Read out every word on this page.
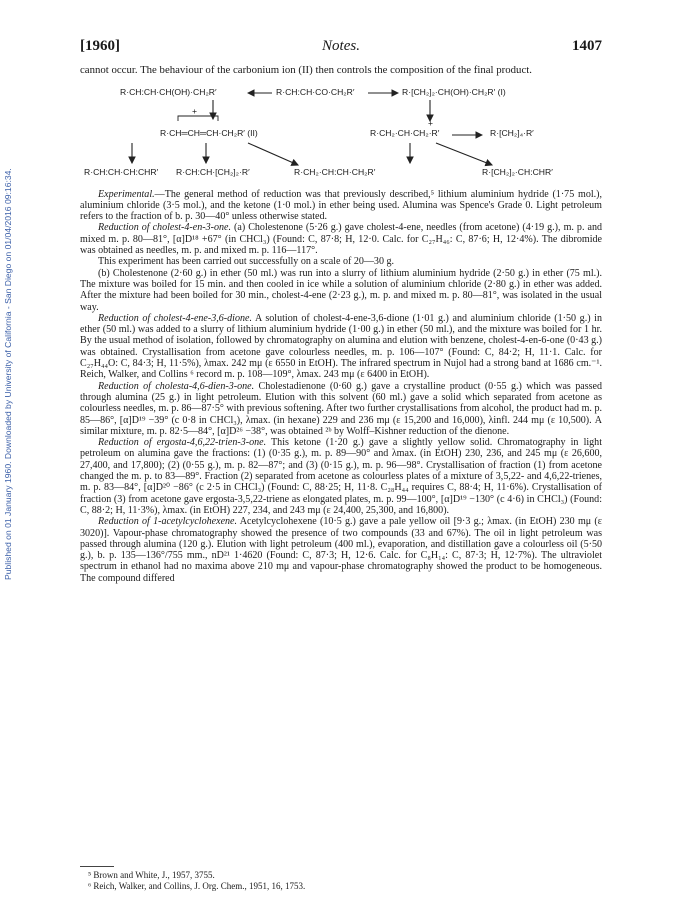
Published on 01 January 1960. Downloaded by University of California - San Diego on 01/04/2016 09:16:34.
[1960]	Notes.	1407

cannot occur. The behaviour of the carbonium ion (II) then controls the composition of the final product.

R·CH:CH·CH(OH)·CH₂R′	R·CH:CH·CO·CH₂R′	R·[CH₂]₂·CH(OH)·CH₂R′ (I)
+
R·CH═CH═CH·CH₂R′ (II)
+
R·CH₂·CH·CH₂·R′	R·[CH₂]₄·R′
R·CH:CH·CH:CHR′ R·CH:CH·[CH₂]₂·R′	R·CH₂·CH:CH·CH₂R′	R·[CH₂]₂·CH:CHR′

Experimental.—The general method of reduction was that previously described,⁵ lithium aluminium hydride (1·75 mol.), aluminium chloride (3·5 mol.), and the ketone (1·0 mol.) in ether being used. Alumina was Spence's Grade 0. Light petroleum refers to the fraction of b. p. 30—40° unless otherwise stated.

Reduction of cholest-4-en-3-one. (a) Cholestenone (5·26 g.) gave cholest-4-ene, needles (from acetone) (4·19 g.), m. p. and mixed m. p. 80—81°, [α]D¹⁸ +67° (in CHCl₃) (Found: C, 87·8; H, 12·0. Calc. for C₂₇H₄₆: C, 87·6; H, 12·4%). The dibromide was obtained as needles, m. p. and mixed m. p. 116—117°.

This experiment has been carried out successfully on a scale of 20—30 g.

(b) Cholestenone (2·60 g.) in ether (50 ml.) was run into a slurry of lithium aluminium hydride (2·50 g.) in ether (75 ml.). The mixture was boiled for 15 min. and then cooled in ice while a solution of aluminium chloride (2·80 g.) in ether was added. After the mixture had been boiled for 30 min., cholest-4-ene (2·23 g.), m. p. and mixed m. p. 80—81°, was isolated in the usual way.

Reduction of cholest-4-ene-3,6-dione. A solution of cholest-4-ene-3,6-dione (1·01 g.) and aluminium chloride (1·50 g.) in ether (50 ml.) was added to a slurry of lithium aluminium hydride (1·00 g.) in ether (50 ml.), and the mixture was boiled for 1 hr. By the usual method of isolation, followed by chromatography on alumina and elution with benzene, cholest-4-en-6-one (0·43 g.) was obtained. Crystallisation from acetone gave colourless needles, m. p. 106—107° (Found: C, 84·2; H, 11·1. Calc. for C₂₇H₄₄O: C, 84·3; H, 11·5%), λmax. 242 mμ (ε 6550 in EtOH). The infrared spectrum in Nujol had a strong band at 1686 cm.⁻¹. Reich, Walker, and Collins ⁶ record m. p. 108—109°, λmax. 243 mμ (ε 6400 in EtOH).

Reduction of cholesta-4,6-dien-3-one. Cholestadienone (0·60 g.) gave a crystalline product (0·55 g.) which was passed through alumina (25 g.) in light petroleum. Elution with this solvent (60 ml.) gave a solid which separated from acetone as colourless needles, m. p. 86—87·5° with previous softening. After two further crystallisations from alcohol, the product had m. p. 85—86°, [α]D¹⁹ −39° (c 0·8 in CHCl₃), λmax. (in hexane) 229 and 236 mμ (ε 15,200 and 16,000), λinfl. 244 mμ (ε 10,500). A similar mixture, m. p. 82·5—84°, [α]D²⁶ −38°, was obtained ²ᵇ by Wolff–Kishner reduction of the dienone.

Reduction of ergosta-4,6,22-trien-3-one. This ketone (1·20 g.) gave a slightly yellow solid. Chromatography in light petroleum on alumina gave the fractions: (1) (0·35 g.), m. p. 89—90° and λmax. (in EtOH) 230, 236, and 245 mμ (ε 26,600, 27,400, and 17,800); (2) (0·55 g.), m. p. 82—87°; and (3) (0·15 g.), m. p. 96—98°. Crystallisation of fraction (1) from acetone changed the m. p. to 83—89°. Fraction (2) separated from acetone as colourless plates of a mixture of 3,5,22- and 4,6,22-trienes, m. p. 83—84°, [α]D²⁰ −86° (c 2·5 in CHCl₃) (Found: C, 88·25; H, 11·8. C₂₈H₄₄ requires C, 88·4; H, 11·6%). Crystallisation of fraction (3) from acetone gave ergosta-3,5,22-triene as elongated plates, m. p. 99—100°, [α]D¹⁹ −130° (c 4·6) in CHCl₃) (Found: C, 88·2; H, 11·3%), λmax. (in EtOH) 227, 234, and 243 mμ (ε 24,400, 25,300, and 16,800).

Reduction of 1-acetylcyclohexene. Acetylcyclohexene (10·5 g.) gave a pale yellow oil [9·3 g.; λmax. (in EtOH) 230 mμ (ε 3020)]. Vapour-phase chromatography showed the presence of two compounds (33 and 67%). The oil in light petroleum was passed through alumina (120 g.). Elution with light petroleum (400 ml.), evaporation, and distillation gave a colourless oil (5·50 g.), b. p. 135—136°/755 mm., nD²¹ 1·4620 (Found: C, 87·3; H, 12·6. Calc. for C₈H₁₄: C, 87·3; H, 12·7%). The ultraviolet spectrum in ethanol had no maxima above 210 mμ and vapour-phase chromatography showed the product to be homogeneous. The compound differed

⁵ Brown and White, J., 1957, 3755.
⁶ Reich, Walker, and Collins, J. Org. Chem., 1951, 16, 1753.
